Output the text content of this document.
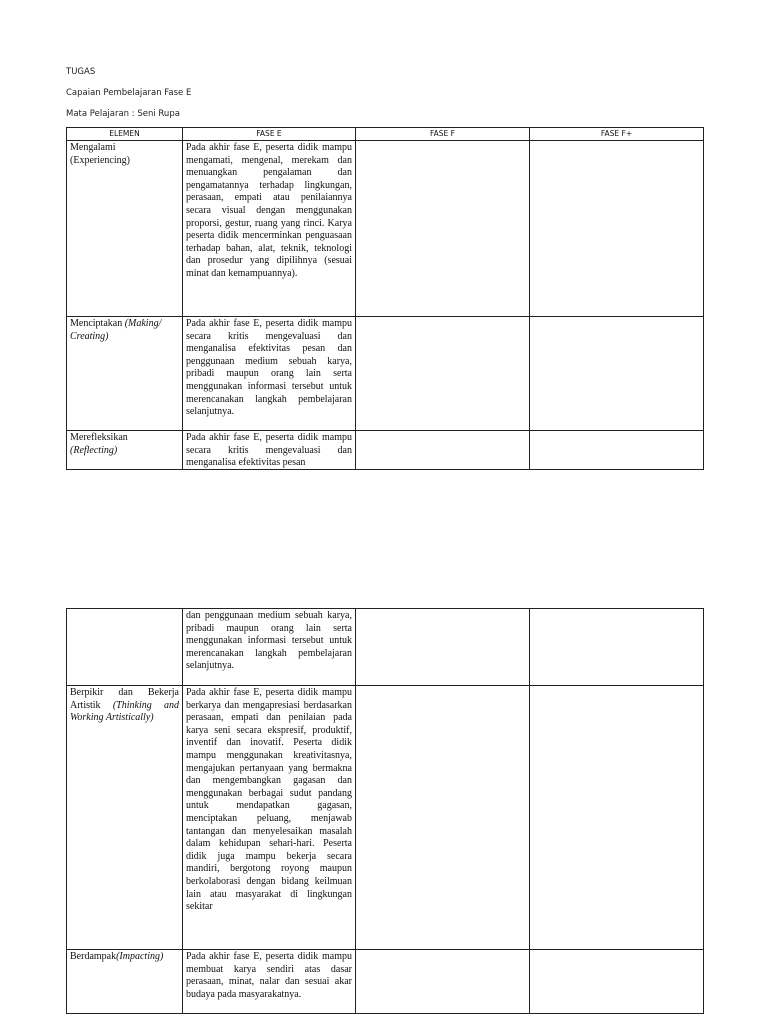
TUGAS
Capaian Pembelajaran Fase E
Mata Pelajaran : Seni Rupa
ELEMEN	FASE E	FASE F	FASE F+

Mengalami
(Experiencing)	Pada akhir fase E, peserta didik mampu mengamati, mengenal, merekam dan menuangkan pengalaman dan pengamatannya terhadap lingkungan, perasaan, empati atau penilaiannya secara visual dengan menggunakan proporsi, gestur, ruang yang rinci. Karya peserta didik mencerminkan penguasaan terhadap bahan, alat, teknik, teknologi dan prosedur yang dipilihnya (sesuai minat dan kemampuannya).		
Menciptakan (Making/ Creating)	Pada akhir fase E, peserta didik mampu secara kritis mengevaluasi dan menganalisa efektivitas pesan dan penggunaan medium sebuah karya, pribadi maupun orang lain serta menggunakan informasi tersebut untuk merencanakan langkah pembelajaran selanjutnya.		

Merefleksikan
(Reflecting)	Pada akhir fase E, peserta didik mampu secara kritis mengevaluasi dan menganalisa efektivitas pesan		

	dan penggunaan medium sebuah karya, pribadi maupun orang lain serta menggunakan informasi tersebut untuk merencanakan langkah pembelajaran selanjutnya.		
Berpikir dan Bekerja Artistik (Thinking and Working Artistically)	Pada akhir fase E, peserta didik mampu berkarya dan mengapresiasi berdasarkan perasaan, empati dan penilaian pada karya seni secara ekspresif, produktif, inventif dan inovatif. Peserta didik mampu menggunakan kreativitasnya, mengajukan pertanyaan yang bermakna dan mengembangkan gagasan dan menggunakan berbagai sudut pandang untuk mendapatkan gagasan, menciptakan peluang, menjawab tantangan dan menyelesaikan masalah dalam kehidupan sehari-hari. Peserta didik juga mampu bekerja secara mandiri, bergotong royong maupun berkolaborasi dengan bidang keilmuan lain atau masyarakat di lingkungan sekitar		
Berdampak(Impacting)	Pada akhir fase E, peserta didik mampu membuat karya sendiri atas dasar perasaan, minat, nalar dan sesuai akar budaya pada masyarakatnya.		
